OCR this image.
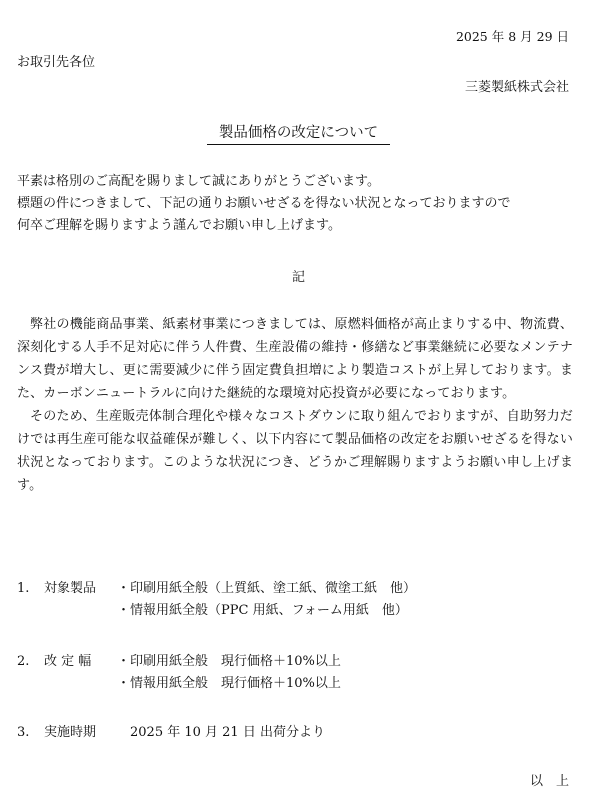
2025 年 8 月 29 日
お取引先各位
三菱製紙株式会社
製品価格の改定について
平素は格別のご高配を賜りまして誠にありがとうございます。
標題の件につきまして、下記の通りお願いせざるを得ない状況となっておりますので
何卒ご理解を賜りますよう謹んでお願い申し上げます。
記

弊社の機能商品事業、紙素材事業につきましては、原燃料価格が高止まりする中、物流費、深刻化する人手不足対応に伴う人件費、生産設備の維持・修繕など事業継続に必要なメンテナンス費が増大し、更に需要減少に伴う固定費負担増により製造コストが上昇しております。また、カーボンニュートラルに向けた継続的な環境対応投資が必要になっております。

そのため、生産販売体制合理化や様々なコストダウンに取り組んでおりますが、自助努力だけでは再生産可能な収益確保が難しく、以下内容にて製品価格の改定をお願いせざるを得ない状況となっております。このような状況につき、どうかご理解賜りますようお願い申し上げます。

1. 対象製品 ・印刷用紙全般（上質紙、塗工紙、微塗工紙　他）
・情報用紙全般（PPC 用紙、フォーム用紙　他）
2. 改 定 幅 ・印刷用紙全般　現行価格＋10%以上
・情報用紙全般　現行価格＋10%以上
3. 実施時期 　2025 年 10 月 21 日 出荷分より
以　上
